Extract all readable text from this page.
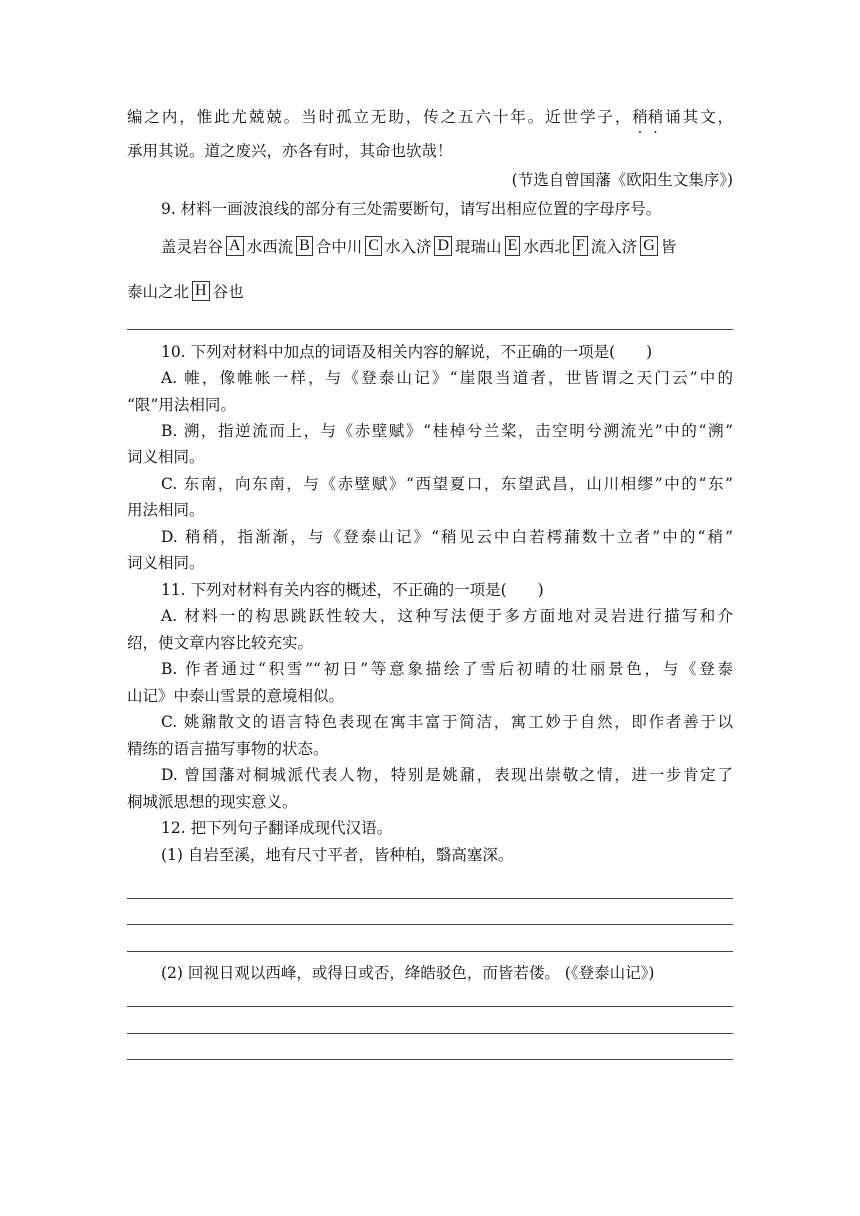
编之内，惟此尤兢兢。当时孤立无助，传之五六十年。近世学子，稍稍诵其文，
承用其说。道之废兴，亦各有时，其命也欤哉！
(节选自曾国藩《欧阳生文集序》)
9. 材料一画波浪线的部分有三处需要断句，请写出相应位置的字母序号。
盖灵岩谷 A 水西流 B 合中川 C 水入济 D 琨瑞山 E 水西北 F 流入济 G 皆
泰山之北 H 谷也
10. 下列对材料中加点的词语及相关内容的解说，不正确的一项是(　　)
A. 帷，像帷帐一样，与《登泰山记》“崖限当道者，世皆谓之天门云”中的
“限”用法相同。
B. 溯，指逆流而上，与《赤壁赋》“桂棹兮兰桨，击空明兮溯流光”中的“溯”
词义相同。
C. 东南，向东南，与《赤壁赋》“西望夏口，东望武昌，山川相缪”中的“东”
用法相同。
D. 稍稍，指渐渐，与《登泰山记》“稍见云中白若樗蒱数十立者”中的“稍”
词义相同。
11. 下列对材料有关内容的概述，不正确的一项是(　　)
A. 材料一的构思跳跃性较大，这种写法便于多方面地对灵岩进行描写和介
绍，使文章内容比较充实。
B. 作者通过“积雪”“初日”等意象描绘了雪后初晴的壮丽景色，与《登泰
山记》中泰山雪景的意境相似。
C. 姚鼐散文的语言特色表现在寓丰富于简洁，寓工妙于自然，即作者善于以
精练的语言描写事物的状态。
D. 曾国藩对桐城派代表人物，特别是姚鼐，表现出崇敬之情，进一步肯定了
桐城派思想的现实意义。
12. 把下列句子翻译成现代汉语。
(1) 自岩至溪，地有尺寸平者，皆种柏，翳高塞深。
(2) 回视日观以西峰，或得日或否，绛皓驳色，而皆若偻。 (《登泰山记》)
